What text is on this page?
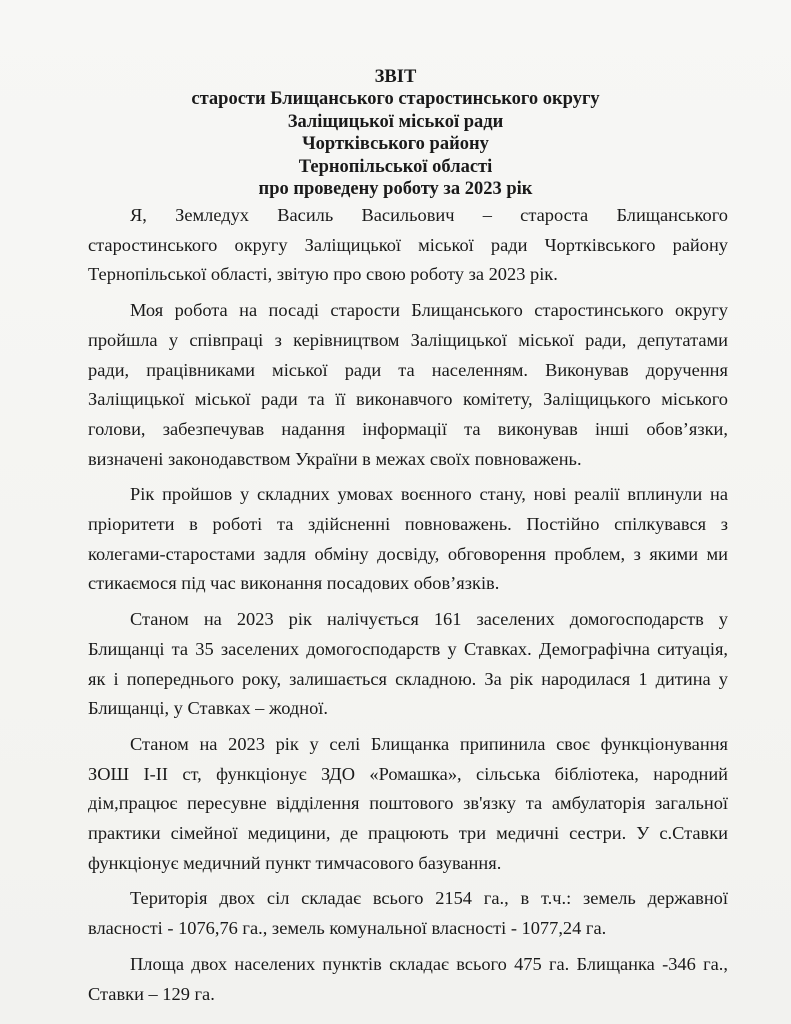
ЗВІТ
старости Блищанського старостинського округу
Заліщицької міської ради
Чортківського району
Тернопільської області
про проведену роботу за 2023 рік
Я, Земледух Василь Васильович – староста Блищанського
старостинського округу Заліщицької міської ради Чортківського району
Тернопільської області, звітую про свою роботу за 2023 рік.
Моя робота на посаді старости Блищанського старостинського округу
пройшла у співпраці з керівництвом Заліщицької міської ради, депутатами
ради, працівниками міської ради та населенням. Виконував доручення
Заліщицької міської ради та її виконавчого комітету, Заліщицького міського
голови, забезпечував надання інформації та виконував інші обов’язки,
визначені законодавством України в межах своїх повноважень.
Рік пройшов у складних умовах воєнного стану, нові реалії вплинули на
пріоритети в роботі та здійсненні повноважень. Постійно спілкувався з
колегами-старостами задля обміну досвіду, обговорення проблем, з якими ми
стикаємося під час виконання посадових обов’язків.
Станом на 2023 рік налічується 161 заселених домогосподарств у
Блищанці та 35 заселених домогосподарств у Ставках. Демографічна ситуація,
як і попереднього року, залишається складною. За рік народилася 1 дитина у
Блищанці, у Ставках – жодної.
Станом на 2023 рік у селі Блищанка припинила своє функціонування
ЗОШ І-ІІ ст, функціонує ЗДО «Ромашка», сільська бібліотека, народний
дім,працює пересувне відділення поштового зв'язку та амбулаторія загальної
практики сімейної медицини, де працюють три медичні сестри. У с.Ставки
функціонує медичний пункт тимчасового базування.
Територія двох сіл складає всього 2154 га., в т.ч.: земель державної
власності - 1076,76 га., земель комунальної власності - 1077,24 га.
Площа двох населених пунктів складає всього 475 га. Блищанка -346 га.,
Ставки – 129 га.
